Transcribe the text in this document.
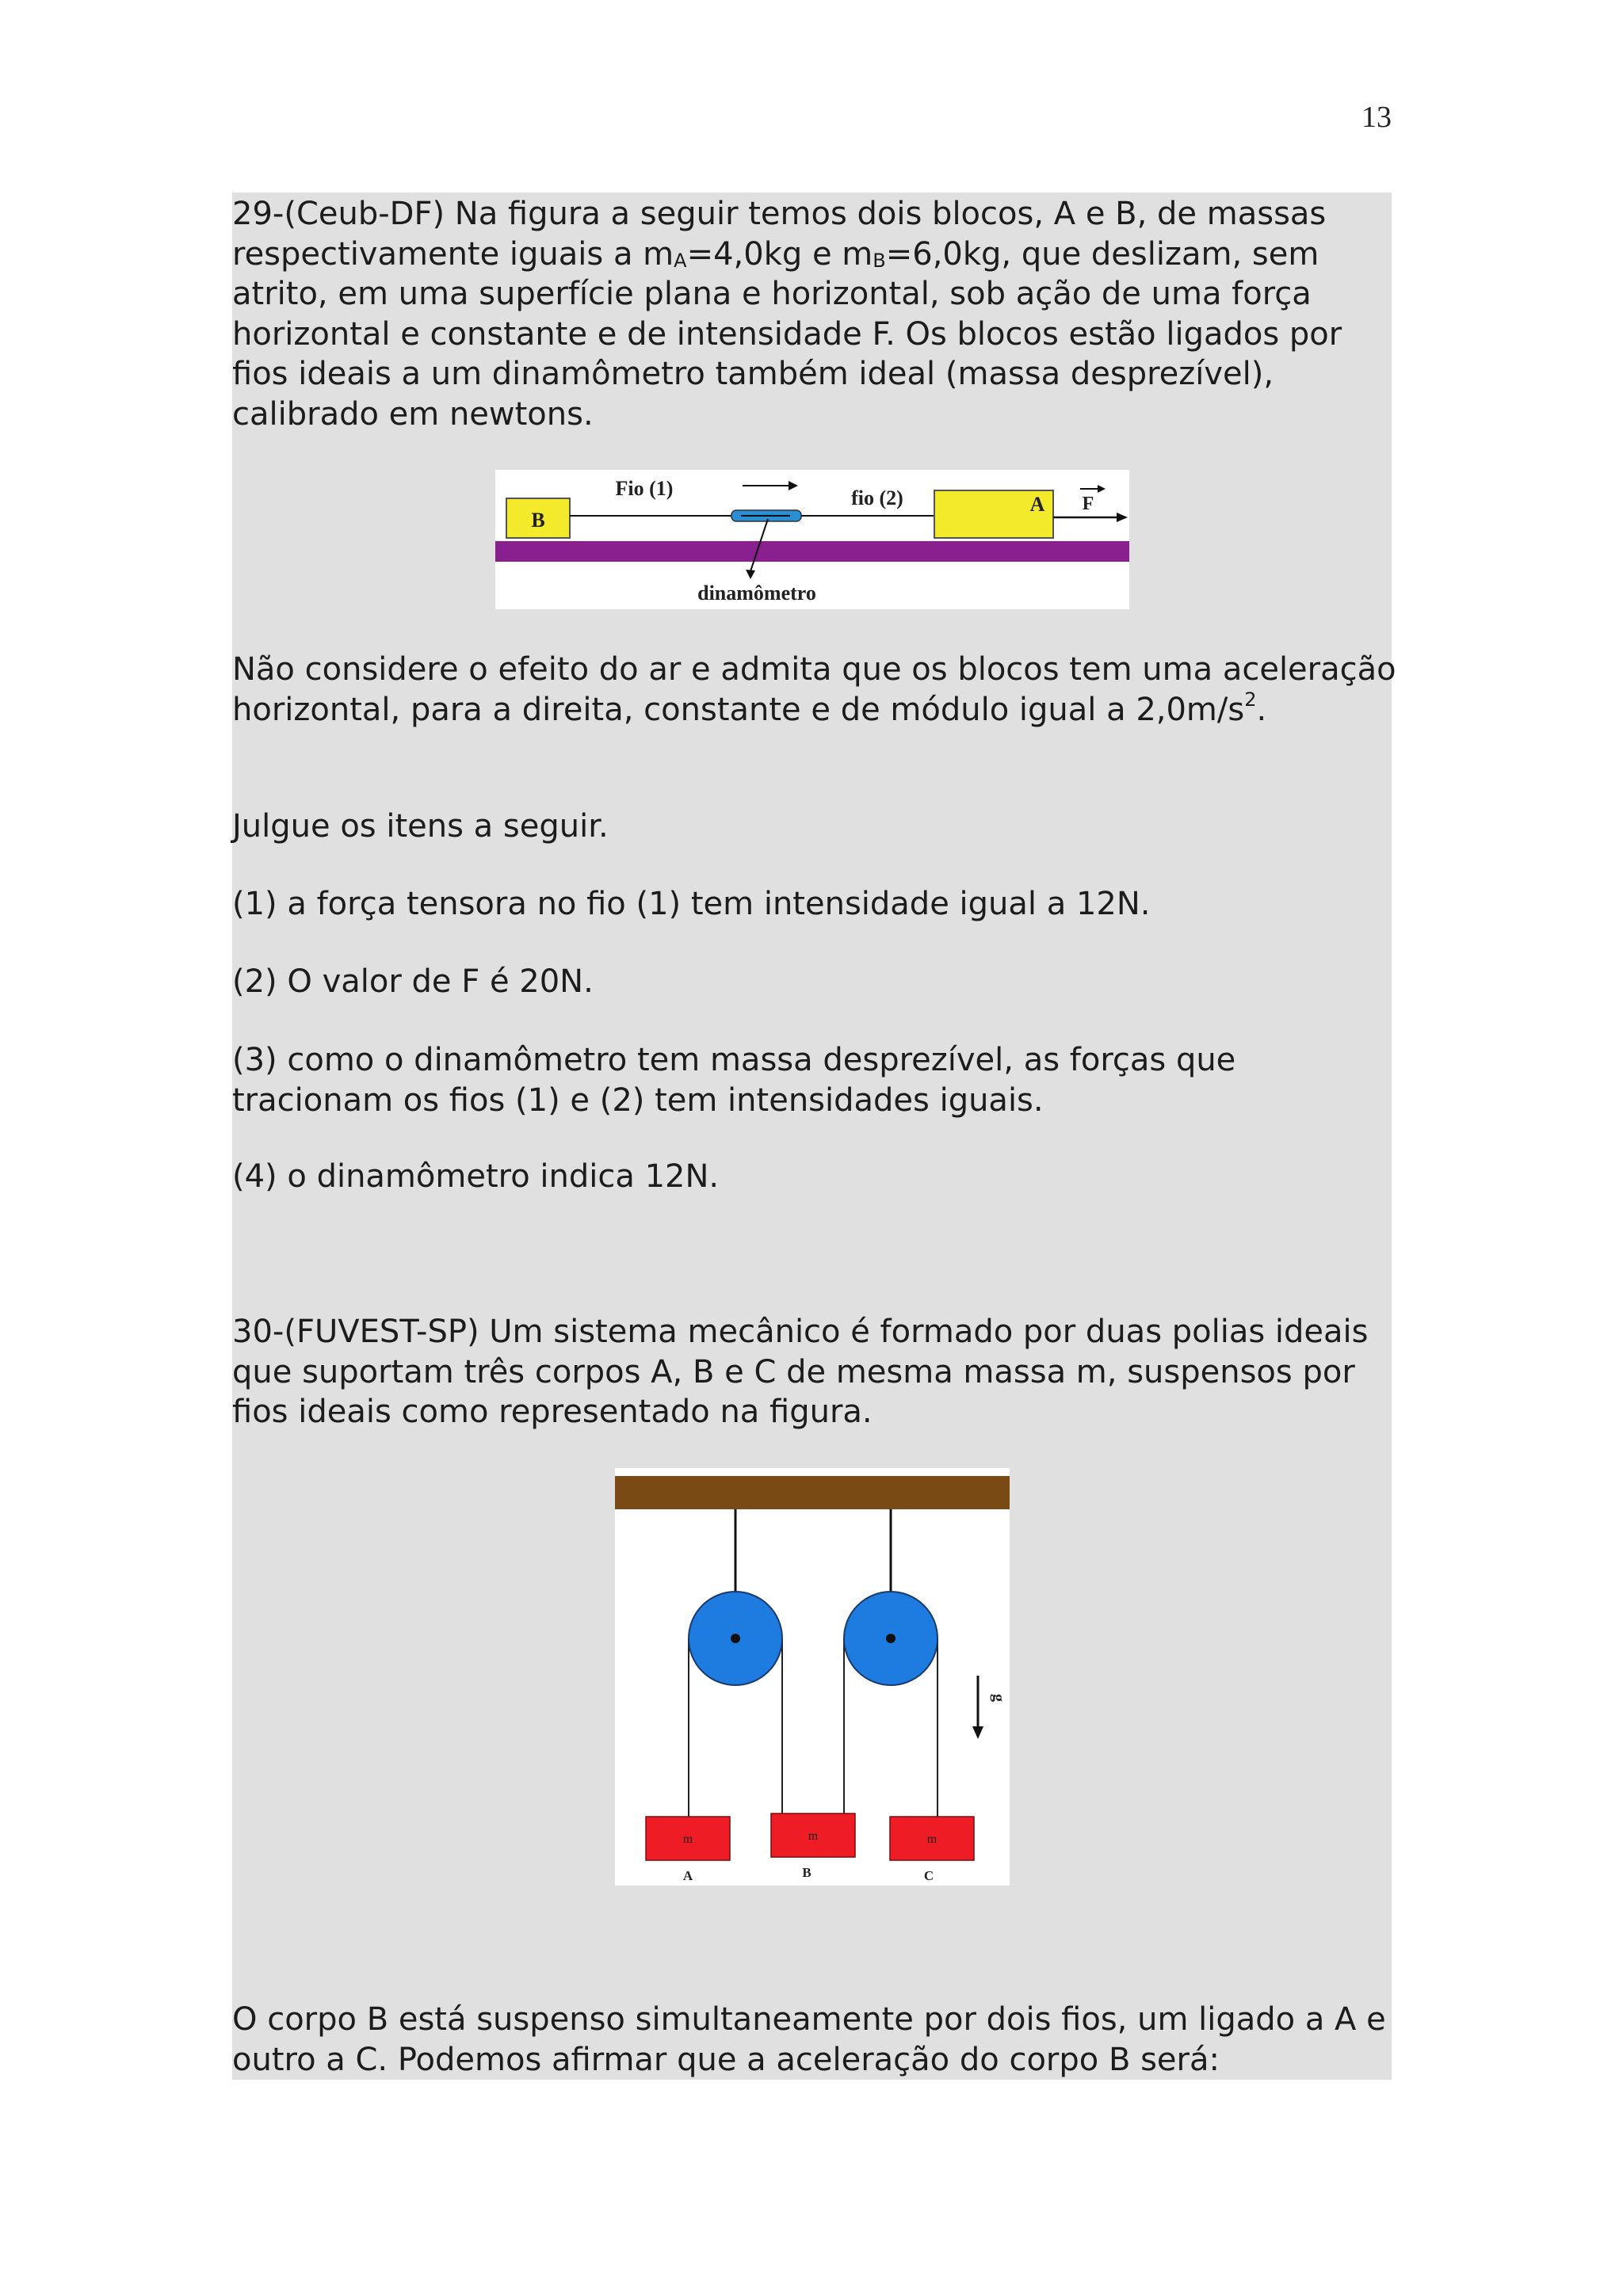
13

29-(Ceub-DF) Na figura a seguir temos dois blocos, A e B, de massas respectivamente iguais a $m_A=4,0kg$ e $m_B=6,0kg$, que deslizam, sem atrito, em uma superfície plana e horizontal, sob ação de uma força horizontal e constante e de intensidade F. Os blocos estão ligados por fios ideais a um dinamômetro também ideal (massa desprezível), calibrado em newtons.

B
A F
Fio (1)	fio (2)
dinamômetro

Não considere o efeito do ar e admita que os blocos tem uma aceleração horizontal, para a direita, constante e de módulo igual a $2,0m/s^2$.

Julgue os itens a seguir.

(1) a força tensora no fio (1) tem intensidade igual a 12N.

(2) O valor de F é 20N.

(3) como o dinamômetro tem massa desprezível, as forças que tracionam os fios (1) e (2) tem intensidades iguais.

(4) o dinamômetro indica 12N.

30-(FUVEST-SP) Um sistema mecânico é formado por duas polias ideais que suportam três corpos A, B e C de mesma massa m, suspensos por fios ideais como representado na figura.

m	m	m
A	B	C
g

O corpo B está suspenso simultaneamente por dois fios, um ligado a A e outro a C. Podemos afirmar que a aceleração do corpo B será:
